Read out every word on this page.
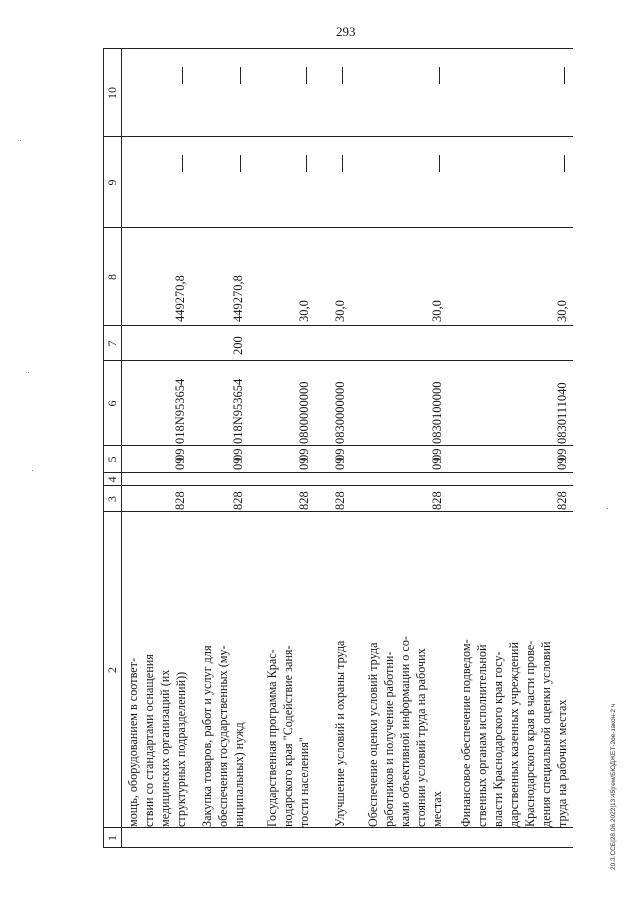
293
20.3.ССБ|28.06.2022|13:45|гем/БЮДЖЕТ-2ое-закон-2 ч
1
2
3
4
5
6
7
8
9
10
мощь, оборудованием в соответ- ствии со стандартами оснащения медицинских организаций (их структурных подразделений))
828
09
09
018N953654
449270,8
Закупка товаров, работ и услуг для обеспечения государственных (му- ниципальных) нужд
828
09
09
018N953654
200
449270,8
Государственная программа Крас- нодарского края "Содействие заня- тости населения"
828
09
09
0800000000
30,0
Улучшение условий и охраны труда
828
09
09
0830000000
30,0
Обеспечение оценки условий труда работников и получение работни- ками объективной информации о со- стоянии условий труда на рабочих местах
828
09
09
0830100000
30,0
Финансовое обеспечение подведом- ственных органам исполнительной власти Краснодарского края госу- дарственных казенных учреждений Краснодарского края в части прове- дения специальной оценки условий труда на рабочих местах
828
09
09
0830111040
30,0
